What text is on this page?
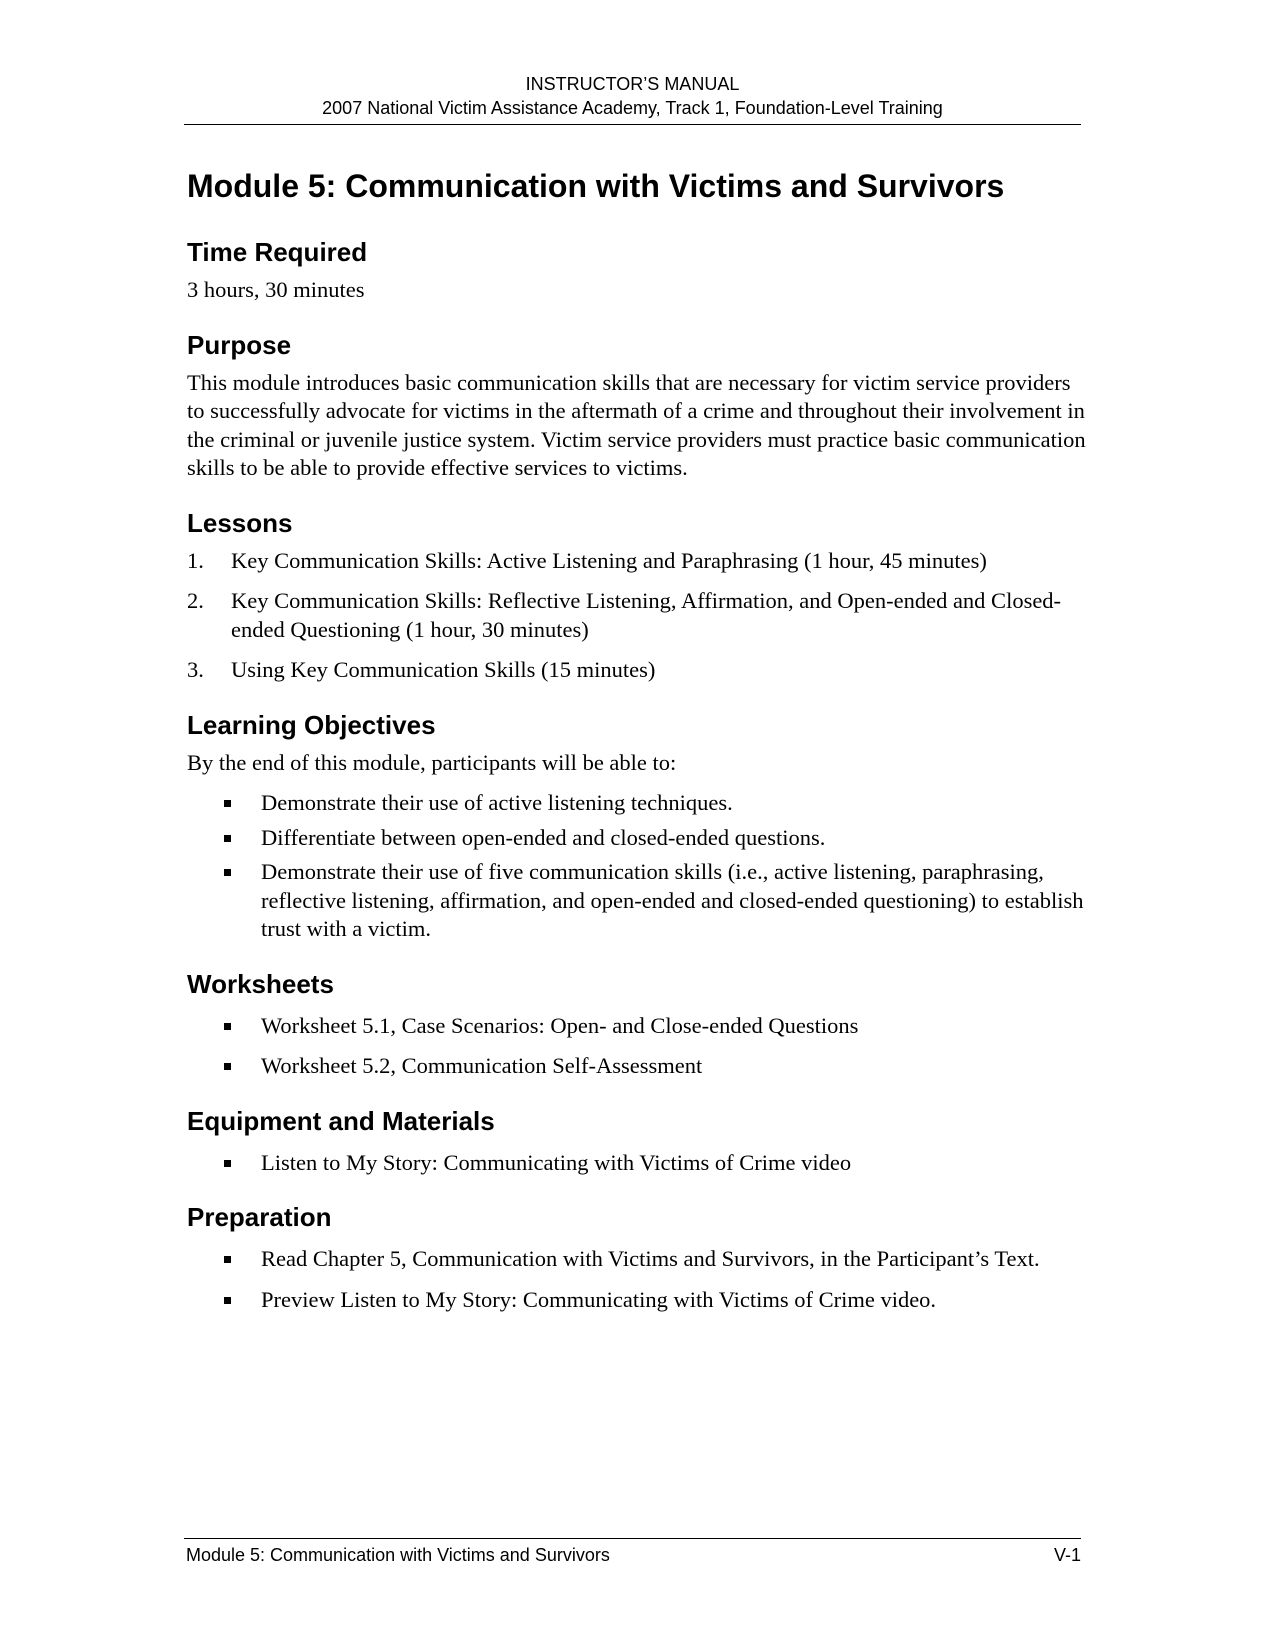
INSTRUCTOR’S MANUAL
2007 National Victim Assistance Academy, Track 1, Foundation-Level Training
Module 5: Communication with Victims and Survivors
Time Required

3 hours, 30 minutes

Purpose

This module introduces basic communication skills that are necessary for victim service providers to successfully advocate for victims in the aftermath of a crime and throughout their involvement in the criminal or juvenile justice system. Victim service providers must practice basic communication skills to be able to provide effective services to victims.

Lessons
1. Key Communication Skills: Active Listening and Paraphrasing (1 hour, 45 minutes)
2. Key Communication Skills: Reflective Listening, Affirmation, and Open-ended and Closed-ended Questioning (1 hour, 30 minutes)
3. Using Key Communication Skills (15 minutes)
Learning Objectives

By the end of this module, participants will be able to:

Demonstrate their use of active listening techniques.
Differentiate between open-ended and closed-ended questions.
Demonstrate their use of five communication skills (i.e., active listening, paraphrasing, reflective listening, affirmation, and open-ended and closed-ended questioning) to establish trust with a victim.
Worksheets
Worksheet 5.1, Case Scenarios: Open- and Close-ended Questions
Worksheet 5.2, Communication Self-Assessment
Equipment and Materials
Listen to My Story: Communicating with Victims of Crime video
Preparation
Read Chapter 5, Communication with Victims and Survivors, in the Participant’s Text.
Preview Listen to My Story: Communicating with Victims of Crime video.
Module 5: Communication with Victims and Survivors	V-1
